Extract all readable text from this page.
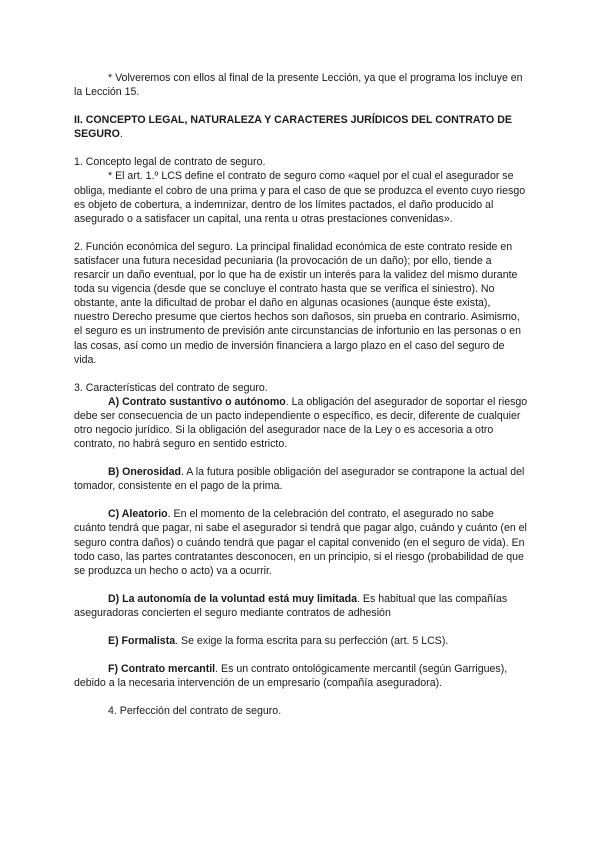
* Volveremos con ellos al final de la presente Lección, ya que el programa los incluye en la Lección 15.

II. CONCEPTO LEGAL, NATURALEZA Y CARACTERES JURÍDICOS DEL CONTRATO DE SEGURO.

1. Concepto legal de contrato de seguro.

* El art. 1.º LCS define el contrato de seguro como «aquel por el cual el asegurador se obliga, mediante el cobro de una prima y para el caso de que se produzca el evento cuyo riesgo es objeto de cobertura, a indemnizar, dentro de los límites pactados, el daño producido al asegurado o a satisfacer un capital, una renta u otras prestaciones convenidas».

2. Función económica del seguro. La principal finalidad económica de este contrato reside en satisfacer una futura necesidad pecuniaria (la provocación de un daño); por ello, tiende a resarcir un daño eventual, por lo que ha de existir un interés para la validez del mismo durante toda su vigencia (desde que se concluye el contrato hasta que se verifica el siniestro). No obstante, ante la dificultad de probar el daño en algunas ocasiones (aunque éste exista), nuestro Derecho presume que ciertos hechos son dañosos, sin prueba en contrario. Asimismo, el seguro es un instrumento de previsión ante circunstancias de infortunio en las personas o en las cosas, así como un medio de inversión financiera a largo plazo en el caso del seguro de vida.

3. Características del contrato de seguro.

A) Contrato sustantivo o autónomo. La obligación del asegurador de soportar el riesgo debe ser consecuencia de un pacto independiente o específico, es decir, diferente de cualquier otro negocio jurídico. Si la obligación del asegurador nace de la Ley o es accesoria a otro contrato, no habrá seguro en sentido estricto.

B) Onerosidad. A la futura posible obligación del asegurador se contrapone la actual del tomador, consistente en el pago de la prima.

C) Aleatorio. En el momento de la celebración del contrato, el asegurado no sabe cuánto tendrá que pagar, ni sabe el asegurador si tendrá que pagar algo, cuándo y cuánto (en el seguro contra daños) o cuándo tendrá que pagar el capital convenido (en el seguro de vida). En todo caso, las partes contratantes desconocen, en un principio, si el riesgo (probabilidad de que se produzca un hecho o acto) va a ocurrir.

D) La autonomía de la voluntad está muy limitada. Es habitual que las compañías aseguradoras concierten el seguro mediante contratos de adhesión

E) Formalista. Se exige la forma escrita para su perfección (art. 5 LCS).

F) Contrato mercantil. Es un contrato ontológicamente mercantil (según Garrigues), debido a la necesaria intervención de un empresario (compañía aseguradora).

4. Perfección del contrato de seguro.
